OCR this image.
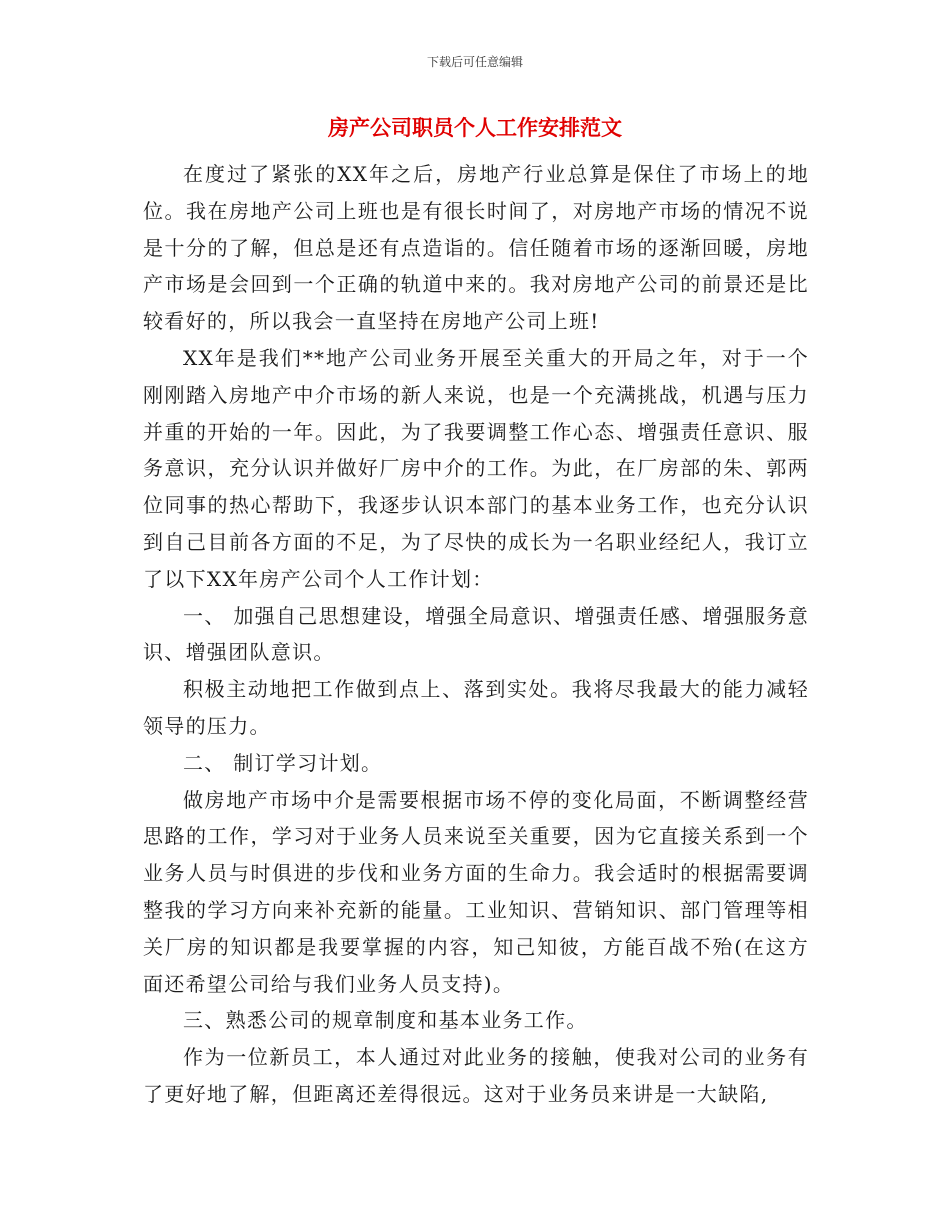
下载后可任意编辑
房产公司职员个人工作安排范文

在度过了紧张的XX年之后，房地产行业总算是保住了市场上的地位。我在房地产公司上班也是有很长时间了，对房地产市场的情况不说是十分的了解，但总是还有点造诣的。信任随着市场的逐渐回暖，房地产市场是会回到一个正确的轨道中来的。我对房地产公司的前景还是比较看好的，所以我会一直坚持在房地产公司上班!

XX年是我们**地产公司业务开展至关重大的开局之年，对于一个刚刚踏入房地产中介市场的新人来说，也是一个充满挑战，机遇与压力并重的开始的一年。因此，为了我要调整工作心态、增强责任意识、服务意识，充分认识并做好厂房中介的工作。为此，在厂房部的朱、郭两位同事的热心帮助下，我逐步认识本部门的基本业务工作，也充分认识到自己目前各方面的不足，为了尽快的成长为一名职业经纪人，我订立了以下XX年房产公司个人工作计划：

一、 加强自己思想建设，增强全局意识、增强责任感、增强服务意识、增强团队意识。

积极主动地把工作做到点上、落到实处。我将尽我最大的能力减轻领导的压力。

二、 制订学习计划。

做房地产市场中介是需要根据市场不停的变化局面，不断调整经营思路的工作，学习对于业务人员来说至关重要，因为它直接关系到一个业务人员与时俱进的步伐和业务方面的生命力。我会适时的根据需要调整我的学习方向来补充新的能量。工业知识、营销知识、部门管理等相关厂房的知识都是我要掌握的内容，知己知彼，方能百战不殆(在这方面还希望公司给与我们业务人员支持)。

三、熟悉公司的规章制度和基本业务工作。

作为一位新员工，本人通过对此业务的接触，使我对公司的业务有了更好地了解，但距离还差得很远。这对于业务员来讲是一大缺陷,
